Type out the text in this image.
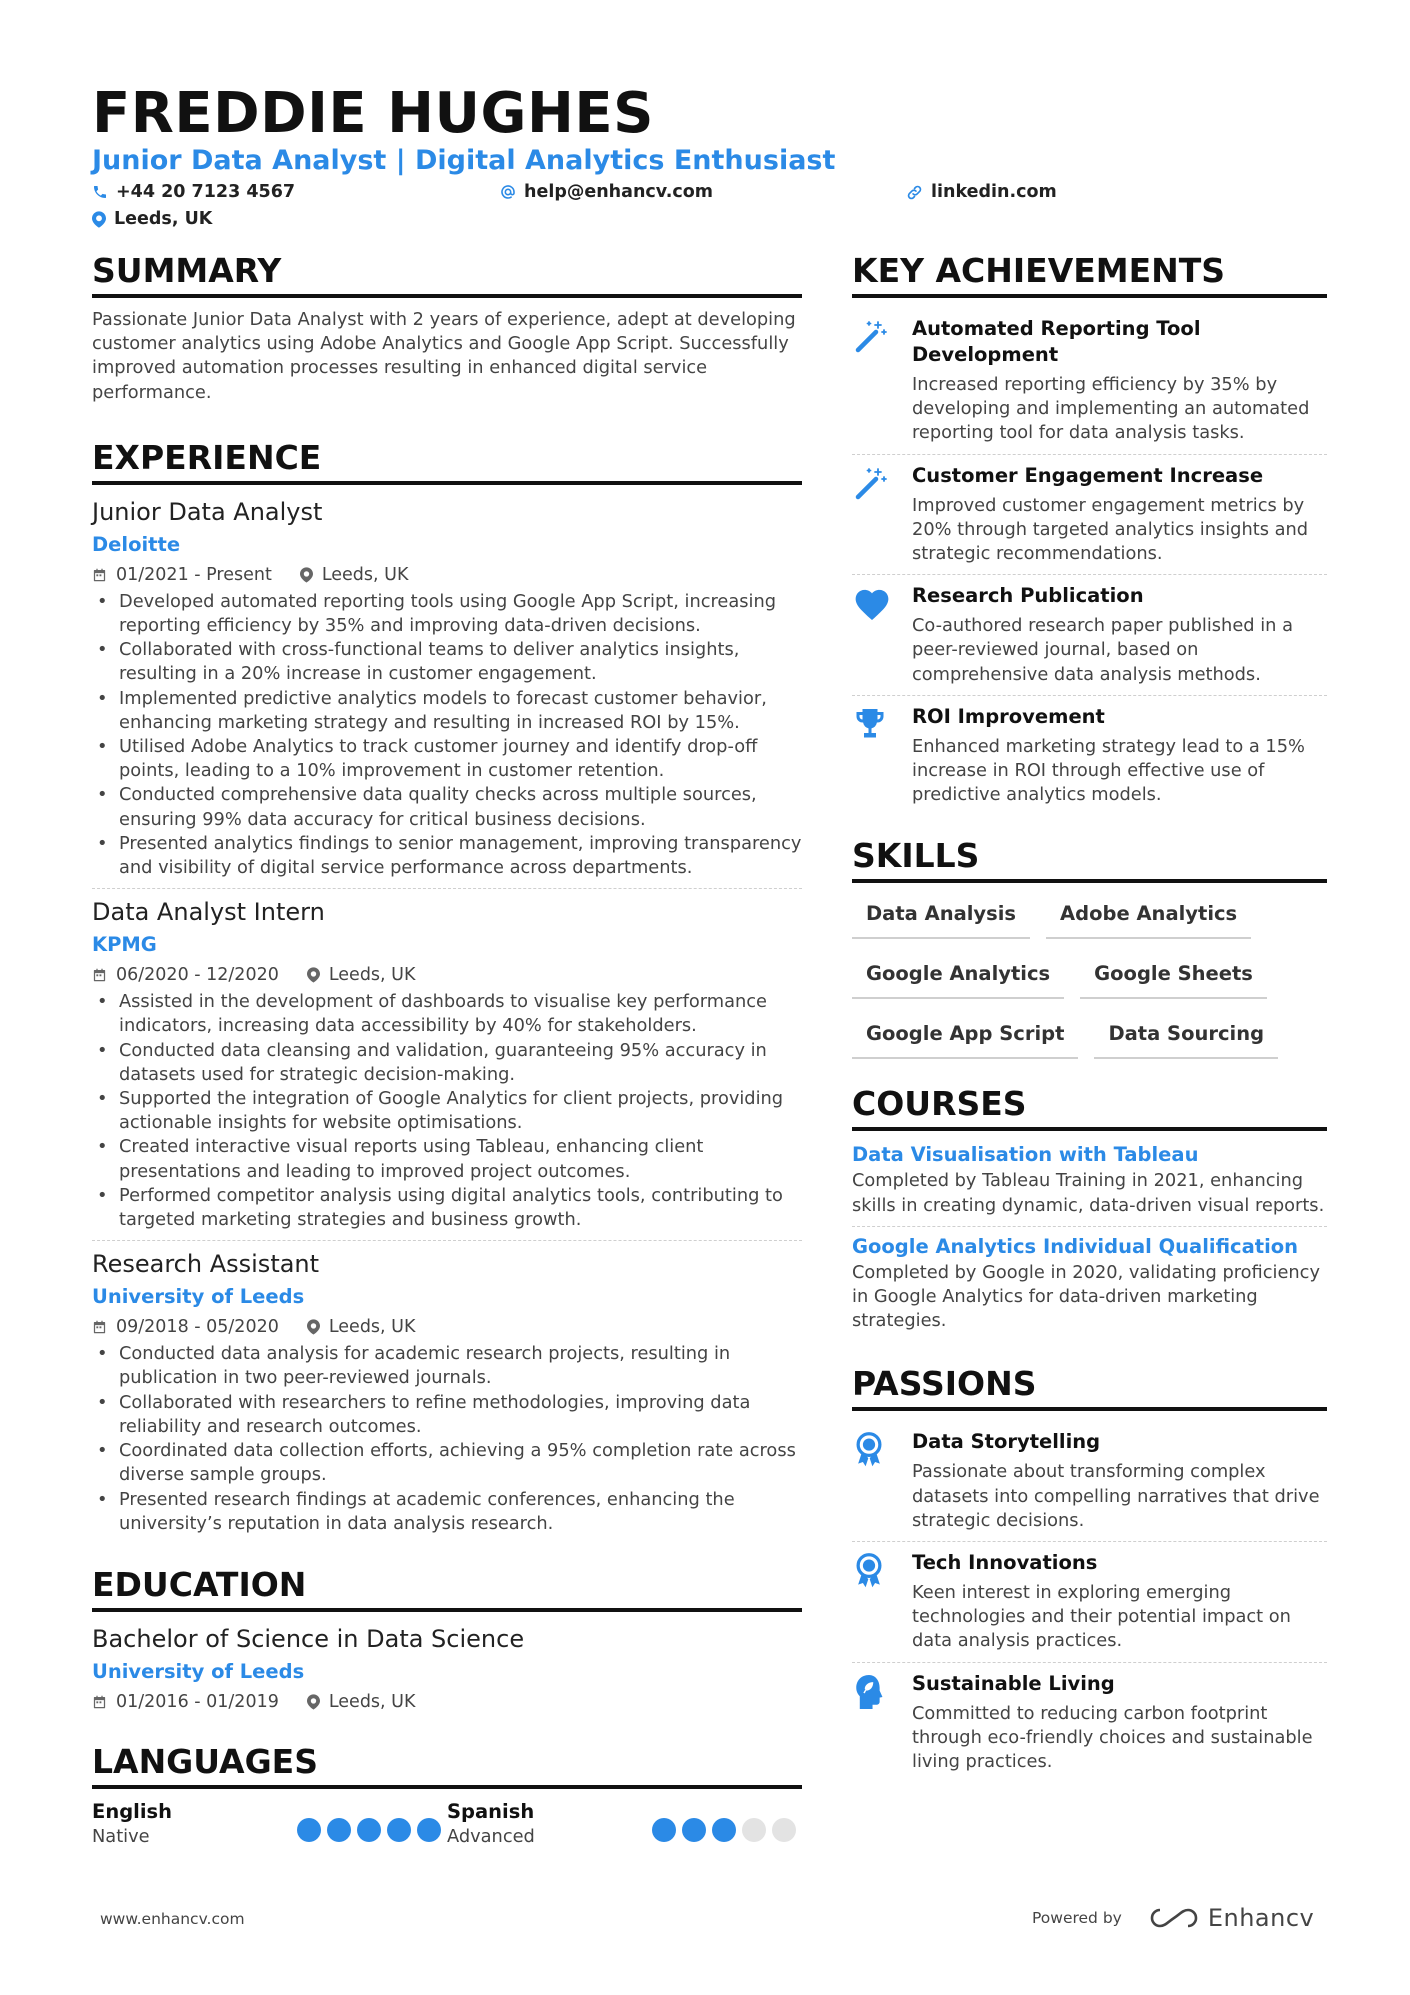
FREDDIE HUGHES
Junior Data Analyst | Digital Analytics Enthusiast
+44 20 7123 4567	help@enhancv.com	linkedin.com
Leeds, UK
SUMMARY
Passionate Junior Data Analyst with 2 years of experience, adept at developing customer analytics using Adobe Analytics and Google App Script. Successfully improved automation processes resulting in enhanced digital service performance.
EXPERIENCE
Junior Data Analyst
Deloitte
01/2021 - Present	Leeds, UK
• Developed automated reporting tools using Google App Script, increasing reporting efficiency by 35% and improving data-driven decisions.
• Collaborated with cross-functional teams to deliver analytics insights, resulting in a 20% increase in customer engagement.
• Implemented predictive analytics models to forecast customer behavior, enhancing marketing strategy and resulting in increased ROI by 15%.
• Utilised Adobe Analytics to track customer journey and identify drop-off points, leading to a 10% improvement in customer retention.
• Conducted comprehensive data quality checks across multiple sources, ensuring 99% data accuracy for critical business decisions.
• Presented analytics findings to senior management, improving transparency and visibility of digital service performance across departments.
Data Analyst Intern
KPMG
06/2020 - 12/2020	Leeds, UK
• Assisted in the development of dashboards to visualise key performance indicators, increasing data accessibility by 40% for stakeholders.
• Conducted data cleansing and validation, guaranteeing 95% accuracy in datasets used for strategic decision-making.
• Supported the integration of Google Analytics for client projects, providing actionable insights for website optimisations.
• Created interactive visual reports using Tableau, enhancing client presentations and leading to improved project outcomes.
• Performed competitor analysis using digital analytics tools, contributing to targeted marketing strategies and business growth.
Research Assistant
University of Leeds
09/2018 - 05/2020	Leeds, UK
• Conducted data analysis for academic research projects, resulting in publication in two peer-reviewed journals.
• Collaborated with researchers to refine methodologies, improving data reliability and research outcomes.
• Coordinated data collection efforts, achieving a 95% completion rate across diverse sample groups.
• Presented research findings at academic conferences, enhancing the university’s reputation in data analysis research.
EDUCATION
Bachelor of Science in Data Science
University of Leeds
01/2016 - 01/2019	Leeds, UK
LANGUAGES
English
Native
Spanish
Advanced
KEY ACHIEVEMENTS
Automated Reporting Tool Development
Increased reporting efficiency by 35% by developing and implementing an automated reporting tool for data analysis tasks.
Customer Engagement Increase
Improved customer engagement metrics by 20% through targeted analytics insights and strategic recommendations.
Research Publication
Co-authored research paper published in a peer-reviewed journal, based on comprehensive data analysis methods.
ROI Improvement
Enhanced marketing strategy lead to a 15% increase in ROI through effective use of predictive analytics models.
SKILLS
Data Analysis	Adobe Analytics
Google Analytics	Google Sheets
Google App Script	Data Sourcing
COURSES
Data Visualisation with Tableau
Completed by Tableau Training in 2021, enhancing skills in creating dynamic, data-driven visual reports.
Google Analytics Individual Qualification
Completed by Google in 2020, validating proficiency in Google Analytics for data-driven marketing strategies.
PASSIONS
Data Storytelling
Passionate about transforming complex datasets into compelling narratives that drive strategic decisions.
Tech Innovations
Keen interest in exploring emerging technologies and their potential impact on data analysis practices.
Sustainable Living
Committed to reducing carbon footprint through eco-friendly choices and sustainable living practices.
www.enhancv.com	Powered by	Enhancv
